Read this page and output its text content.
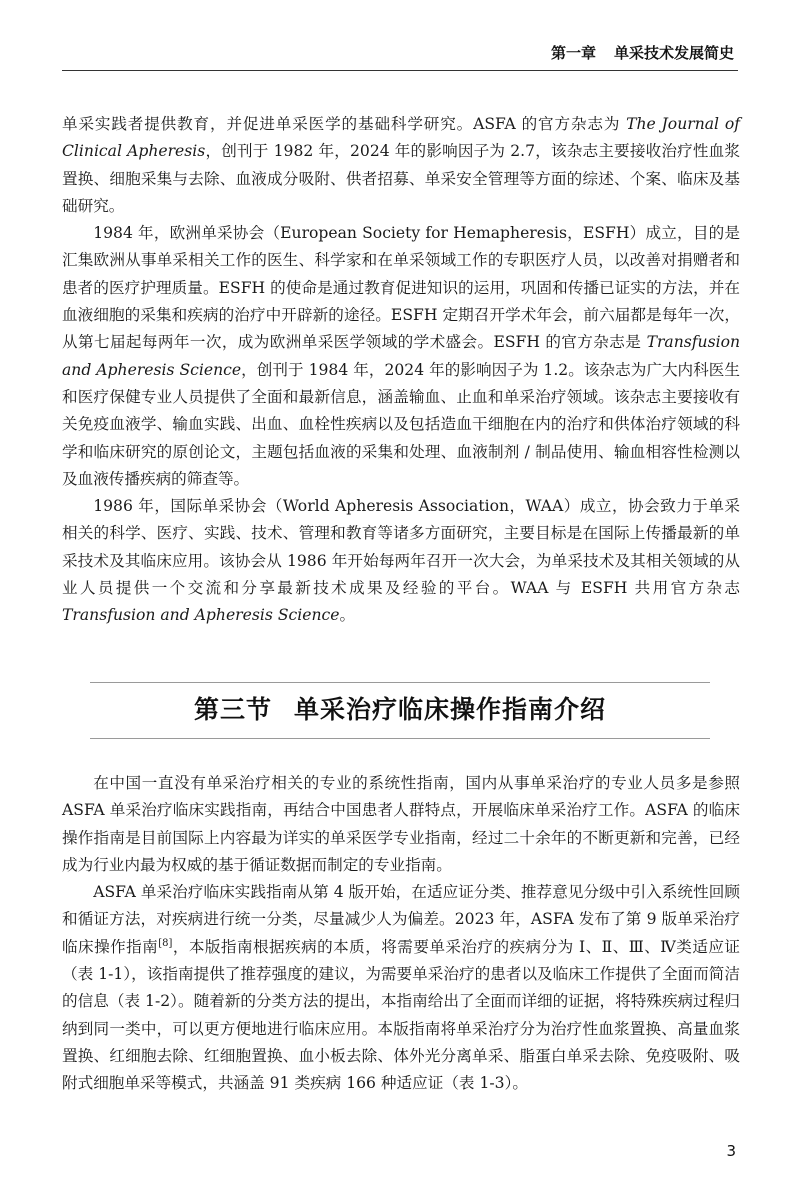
第一章 单采技术发展简史

单采实践者提供教育，并促进单采医学的基础科学研究。ASFA 的官方杂志为 The Journal of Clinical Apheresis，创刊于 1982 年，2024 年的影响因子为 2.7，该杂志主要接收治疗性血浆置换、细胞采集与去除、血液成分吸附、供者招募、单采安全管理等方面的综述、个案、临床及基础研究。

1984 年，欧洲单采协会（European Society for Hemapheresis，ESFH）成立，目的是汇集欧洲从事单采相关工作的医生、科学家和在单采领域工作的专职医疗人员，以改善对捐赠者和患者的医疗护理质量。ESFH 的使命是通过教育促进知识的运用，巩固和传播已证实的方法，并在血液细胞的采集和疾病的治疗中开辟新的途径。ESFH 定期召开学术年会，前六届都是每年一次，从第七届起每两年一次，成为欧洲单采医学领域的学术盛会。ESFH 的官方杂志是 Transfusion and Apheresis Science，创刊于 1984 年，2024 年的影响因子为 1.2。该杂志为广大内科医生和医疗保健专业人员提供了全面和最新信息，涵盖输血、止血和单采治疗领域。该杂志主要接收有关免疫血液学、输血实践、出血、血栓性疾病以及包括造血干细胞在内的治疗和供体治疗领域的科学和临床研究的原创论文，主题包括血液的采集和处理、血液制剂 / 制品使用、输血相容性检测以及血液传播疾病的筛查等。

1986 年，国际单采协会（World Apheresis Association，WAA）成立，协会致力于单采相关的科学、医疗、实践、技术、管理和教育等诸多方面研究，主要目标是在国际上传播最新的单采技术及其临床应用。该协会从 1986 年开始每两年召开一次大会，为单采技术及其相关领域的从业人员提供一个交流和分享最新技术成果及经验的平台。WAA 与 ESFH 共用官方杂志 Transfusion and Apheresis Science。

第三节 单采治疗临床操作指南介绍

在中国一直没有单采治疗相关的专业的系统性指南，国内从事单采治疗的专业人员多是参照 ASFA 单采治疗临床实践指南，再结合中国患者人群特点，开展临床单采治疗工作。ASFA 的临床操作指南是目前国际上内容最为详实的单采医学专业指南，经过二十余年的不断更新和完善，已经成为行业内最为权威的基于循证数据而制定的专业指南。

ASFA 单采治疗临床实践指南从第 4 版开始，在适应证分类、推荐意见分级中引入系统性回顾和循证方法，对疾病进行统一分类，尽量减少人为偏差。2023 年，ASFA 发布了第 9 版单采治疗临床操作指南[8]，本版指南根据疾病的本质，将需要单采治疗的疾病分为 Ⅰ、Ⅱ、Ⅲ、Ⅳ类适应证（表 1-1），该指南提供了推荐强度的建议，为需要单采治疗的患者以及临床工作提供了全面而简洁的信息（表 1-2）。随着新的分类方法的提出，本指南给出了全面而详细的证据，将特殊疾病过程归纳到同一类中，可以更方便地进行临床应用。本版指南将单采治疗分为治疗性血浆置换、高量血浆置换、红细胞去除、红细胞置换、血小板去除、体外光分离单采、脂蛋白单采去除、免疫吸附、吸附式细胞单采等模式，共涵盖 91 类疾病 166 种适应证（表 1-3）。

3
